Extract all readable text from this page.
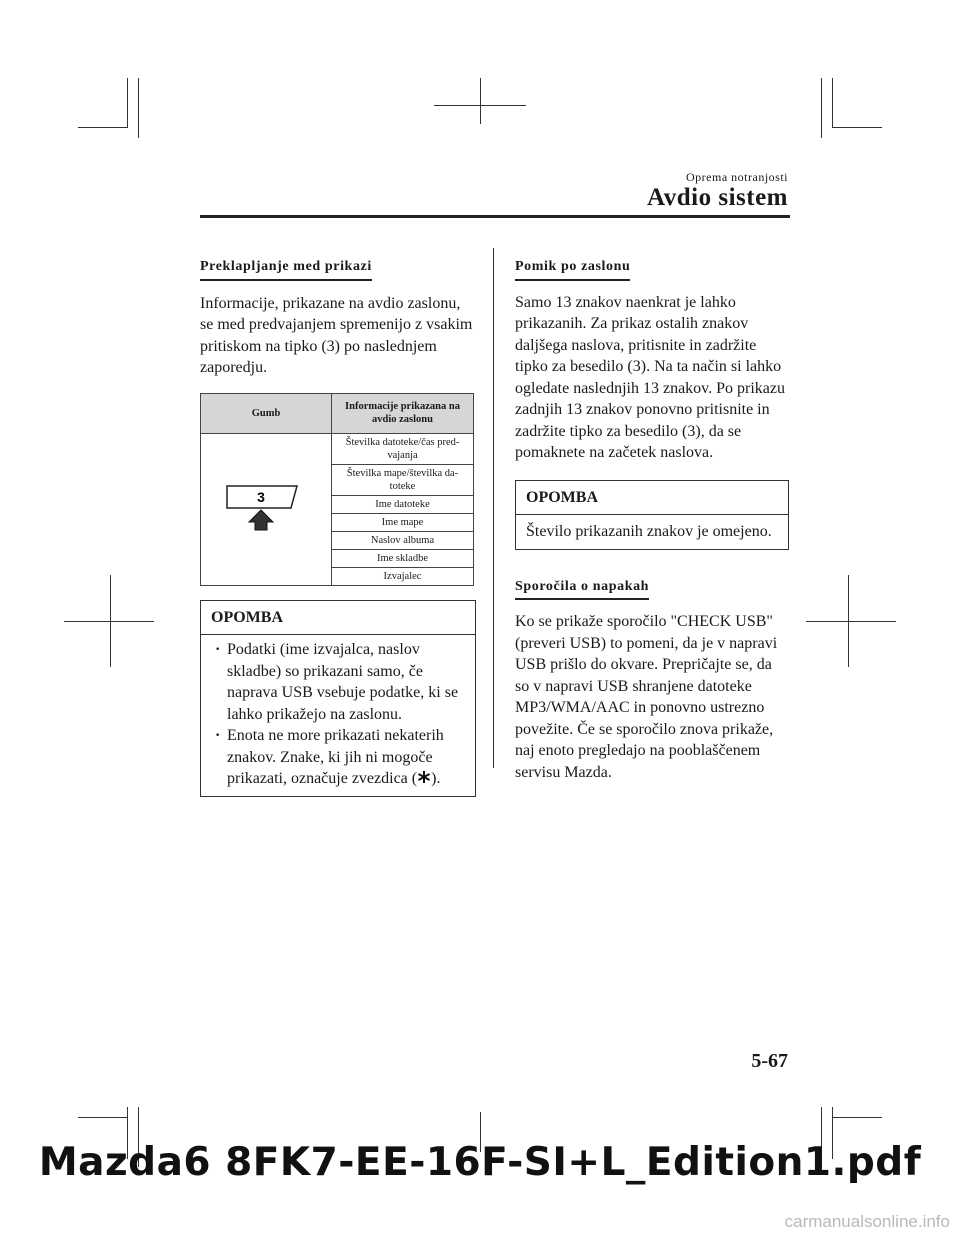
Oprema notranjosti
Avdio sistem
Preklapljanje med prikazi

Informacije, prikazane na avdio zaslonu, se med predvajanjem spremenijo z vsakim pritiskom na tipko (3) po naslednjem zaporedju.

Gumb	Informacije prikazana na avdio zaslonu

3	Številka datoteke/čas pred-vajanja
	Številka mape/številka da-toteke
	Ime datoteke
	Ime mape
	Naslov albuma
	Ime skladbe
	Izvajalec
OPOMBA
· Podatki (ime izvajalca, naslov skladbe) so prikazani samo, če naprava USB vsebuje podatke, ki se lahko prikažejo na zaslonu.
· Enota ne more prikazati nekaterih znakov. Znake, ki jih ni mogoče prikazati, označuje zvezdica ( ).
Pomik po zaslonu

Samo 13 znakov naenkrat je lahko prikazanih. Za prikaz ostalih znakov daljšega naslova, pritisnite in zadržite tipko za besedilo (3). Na ta način si lahko ogledate naslednjih 13 znakov. Po prikazu zadnjih 13 znakov ponovno pritisnite in zadržite tipko za besedilo (3), da se pomaknete na začetek naslova.

OPOMBA
Število prikazanih znakov je omejeno.
Sporočila o napakah

Ko se prikaže sporočilo "CHECK USB" (preveri USB) to pomeni, da je v napravi USB prišlo do okvare. Prepričajte se, da so v napravi USB shranjene datoteke MP3/WMA/AAC in ponovno ustrezno povežite. Če se sporočilo znova prikaže, naj enoto pregledajo na pooblaščenem servisu Mazda.

5-67
Mazda6 8FK7-EE-16F-SI+L_Edition1.pdf
carmanualsonline.info
